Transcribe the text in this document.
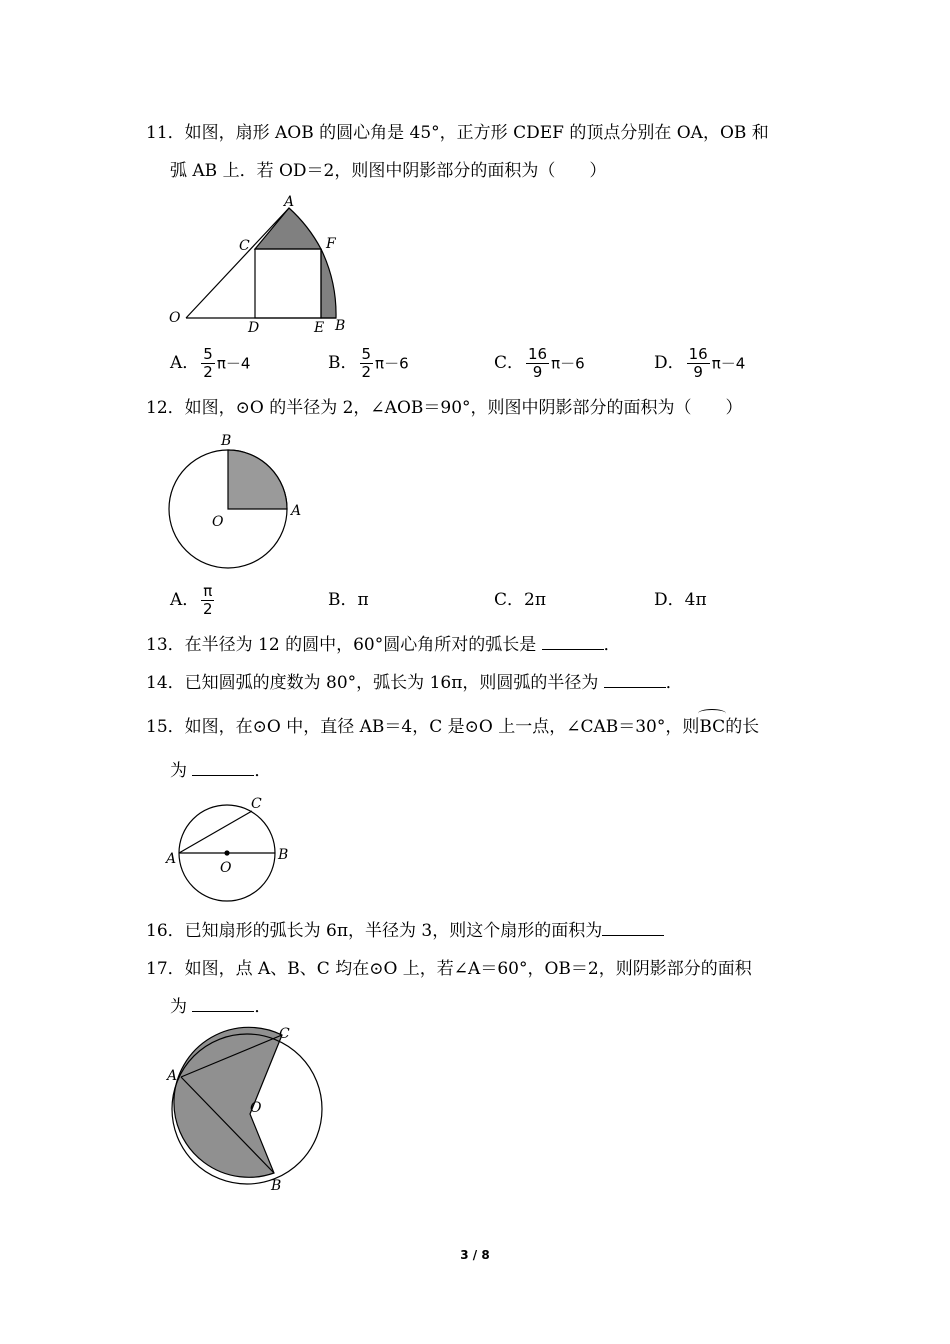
11．如图，扇形 AOB 的圆心角是 45°，正方形 CDEF 的顶点分别在 OA，OB 和
弧 AB 上．若 OD＝2，则图中阴影部分的面积为（　　）
A
C	F
O
D	E B
A． $\frac{5}{2} \pi-4$	B． $\frac{5}{2} \pi-6$	C． $\frac{16}{9} \pi-6$	D． $\frac{16}{9} \pi-4$
12．如图，⊙O 的半径为 2，∠AOB＝90°，则图中阴影部分的面积为（　　）
B
O
A
A． $\frac{\pi}{2}$	B．π	C．2π	D．4π
13．在半径为 12 的圆中，60°圆心角所对的弧长是	．
14．已知圆弧的度数为 80°，弧长为 16π，则圆弧的半径为	．
15．如图，在⊙O 中，直径 AB＝4，C 是⊙O 上一点，∠CAB＝30°，则BC的长
为	．
C
A
O
B
16．已知扇形的弧长为 6π，半径为 3，则这个扇形的面积为
17．如图，点 A、B、C 均在⊙O 上，若∠A＝60°，OB＝2，则阴影部分的面积
为	．
C
A
O
B
3 / 8
